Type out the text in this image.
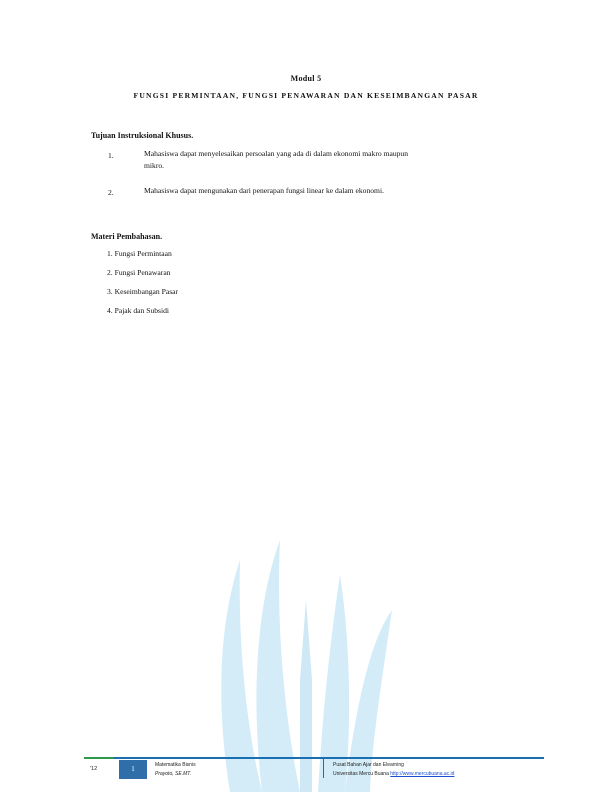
Modul 5
FUNGSI PERMINTAAN, FUNGSI PENAWARAN DAN KESEIMBANGAN PASAR
Tujuan Instruksional Khusus.
1.	Mahasiswa dapat menyelesaikan persoalan yang ada di dalam ekonomi makro maupun mikro.
2.	Mahasiswa dapat mengunakan dari penerapan fungsi linear ke dalam ekonomi.
Materi Pembahasan.
1. Fungsi Permintaan
2. Fungsi Penawaran
3. Keseimbangan Pasar
4. Pajak dan Subsidi
'12	1	Matematika Bisnis
Prayoto, SE.MT.
Pusat Bahan Ajar dan Elearning
Universitas Mercu Buana http://www.mercubuana.ac.id
